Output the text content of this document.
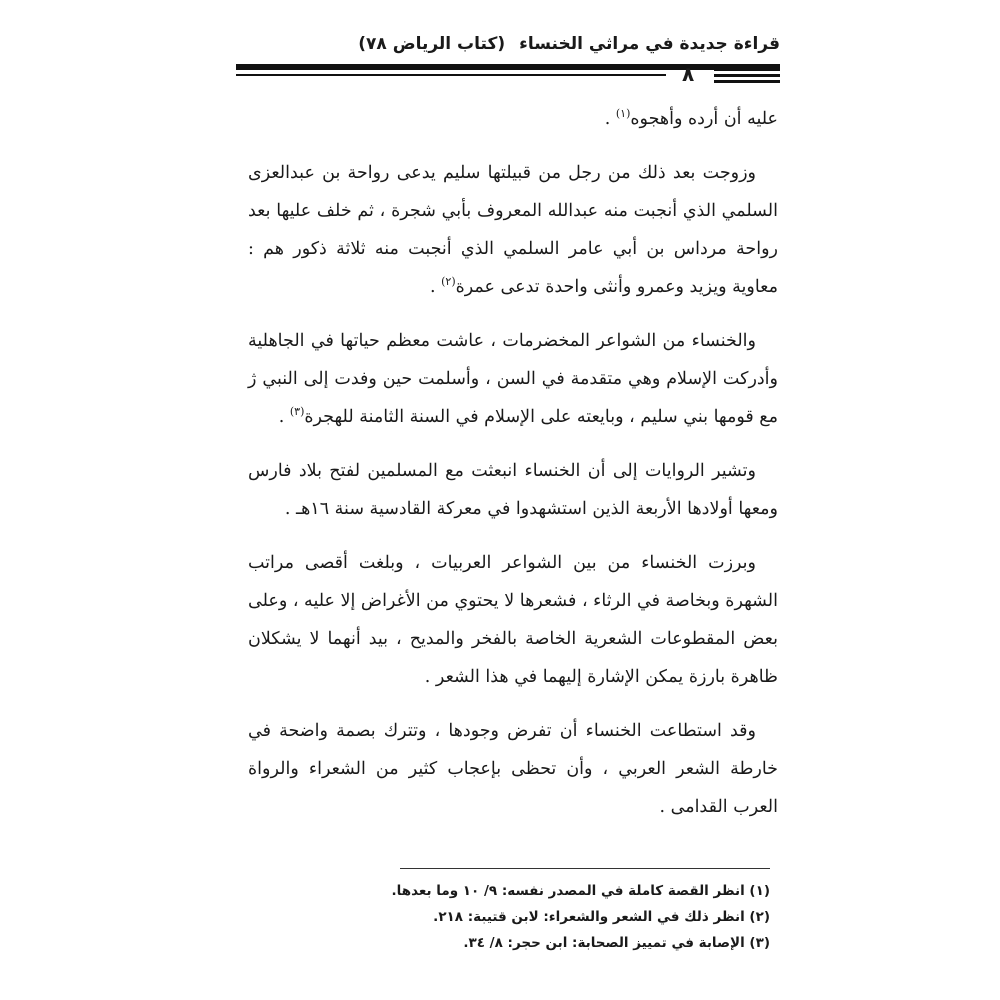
قراءة جديدة في مراثي الخنساء(كتاب الرياض ٧٨)
٨

عليه أن أرده وأهجوه$^{(١)}$ .

وزوجت بعد ذلك من رجل من قبيلتها سليم يدعى رواحة بن عبدالعزى السلمي الذي أنجبت منه عبدالله المعروف بأبي شجرة ، ثم خلف عليها بعد رواحة مرداس بن أبي عامر السلمي الذي أنجبت منه ثلاثة ذكور هم : معاوية ويزيد وعمرو وأنثى واحدة تدعى عمرة$^{(٢)}$ .

والخنساء من الشواعر المخضرمات ، عاشت معظم حياتها في الجاهلية وأدركت الإسلام وهي متقدمة في السن ، وأسلمت حين وفدت إلى النبي ژ مع قومها بني سليم ، وبايعته على الإسلام في السنة الثامنة للهجرة$^{(٣)}$ .

وتشير الروايات إلى أن الخنساء انبعثت مع المسلمين لفتح بلاد فارس ومعها أولادها الأربعة الذين استشهدوا في معركة القادسية سنة ١٦هـ .

وبرزت الخنساء من بين الشواعر العربيات ، وبلغت أقصى مراتب الشهرة وبخاصة في الرثاء ، فشعرها لا يحتوي من الأغراض إلا عليه ، وعلى بعض المقطوعات الشعرية الخاصة بالفخر والمديح ، بيد أنهما لا يشكلان ظاهرة بارزة يمكن الإشارة إليهما في هذا الشعر .

وقد استطاعت الخنساء أن تفرض وجودها ، وتترك بصمة واضحة في خارطة الشعر العربي ، وأن تحظى بإعجاب كثير من الشعراء والرواة العرب القدامى .

(١) انظر القصة كاملة في المصدر نفسه: ٩/ ١٠ وما بعدها.

(٢) انظر ذلك في الشعر والشعراء: لابن قتيبة: ٢١٨.

(٣) الإصابة في تمييز الصحابة: ابن حجر: ٨/ ٣٤.
